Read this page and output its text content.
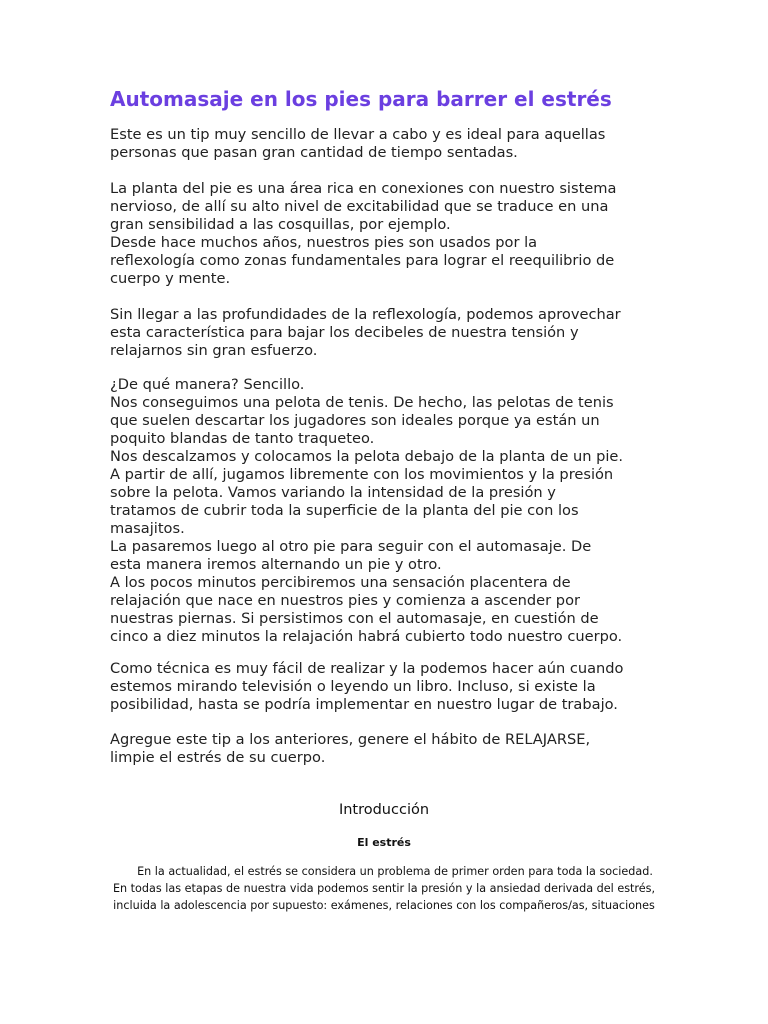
Automasaje en los pies para barrer el estrés
Este es un tip muy sencillo de llevar a cabo y es ideal para aquellas
personas que pasan gran cantidad de tiempo sentadas.
La planta del pie es una área rica en conexiones con nuestro sistema
nervioso, de allí su alto nivel de excitabilidad que se traduce en una
gran sensibilidad a las cosquillas, por ejemplo.
Desde hace muchos años, nuestros pies son usados por la
reflexología como zonas fundamentales para lograr el reequilibrio de
cuerpo y mente.
Sin llegar a las profundidades de la reflexología, podemos aprovechar
esta característica para bajar los decibeles de nuestra tensión y
relajarnos sin gran esfuerzo.
¿De qué manera? Sencillo.
Nos conseguimos una pelota de tenis. De hecho, las pelotas de tenis
que suelen descartar los jugadores son ideales porque ya están un
poquito blandas de tanto traqueteo.
Nos descalzamos y colocamos la pelota debajo de la planta de un pie.
A partir de allí, jugamos libremente con los movimientos y la presión
sobre la pelota. Vamos variando la intensidad de la presión y
tratamos de cubrir toda la superficie de la planta del pie con los
masajitos.
La pasaremos luego al otro pie para seguir con el automasaje. De
esta manera iremos alternando un pie y otro.
A los pocos minutos percibiremos una sensación placentera de
relajación que nace en nuestros pies y comienza a ascender por
nuestras piernas. Si persistimos con el automasaje, en cuestión de
cinco a diez minutos la relajación habrá cubierto todo nuestro cuerpo.
Como técnica es muy fácil de realizar y la podemos hacer aún cuando
estemos mirando televisión o leyendo un libro. Incluso, si existe la
posibilidad, hasta se podría implementar en nuestro lugar de trabajo.
Agregue este tip a los anteriores, genere el hábito de RELAJARSE,
limpie el estrés de su cuerpo.
Introducción
El estrés
En la actualidad, el estrés se considera un problema de primer orden para toda la sociedad.
En todas las etapas de nuestra vida podemos sentir la presión y la ansiedad derivada del estrés,
incluida la adolescencia por supuesto: exámenes, relaciones con los compañeros/as, situaciones
